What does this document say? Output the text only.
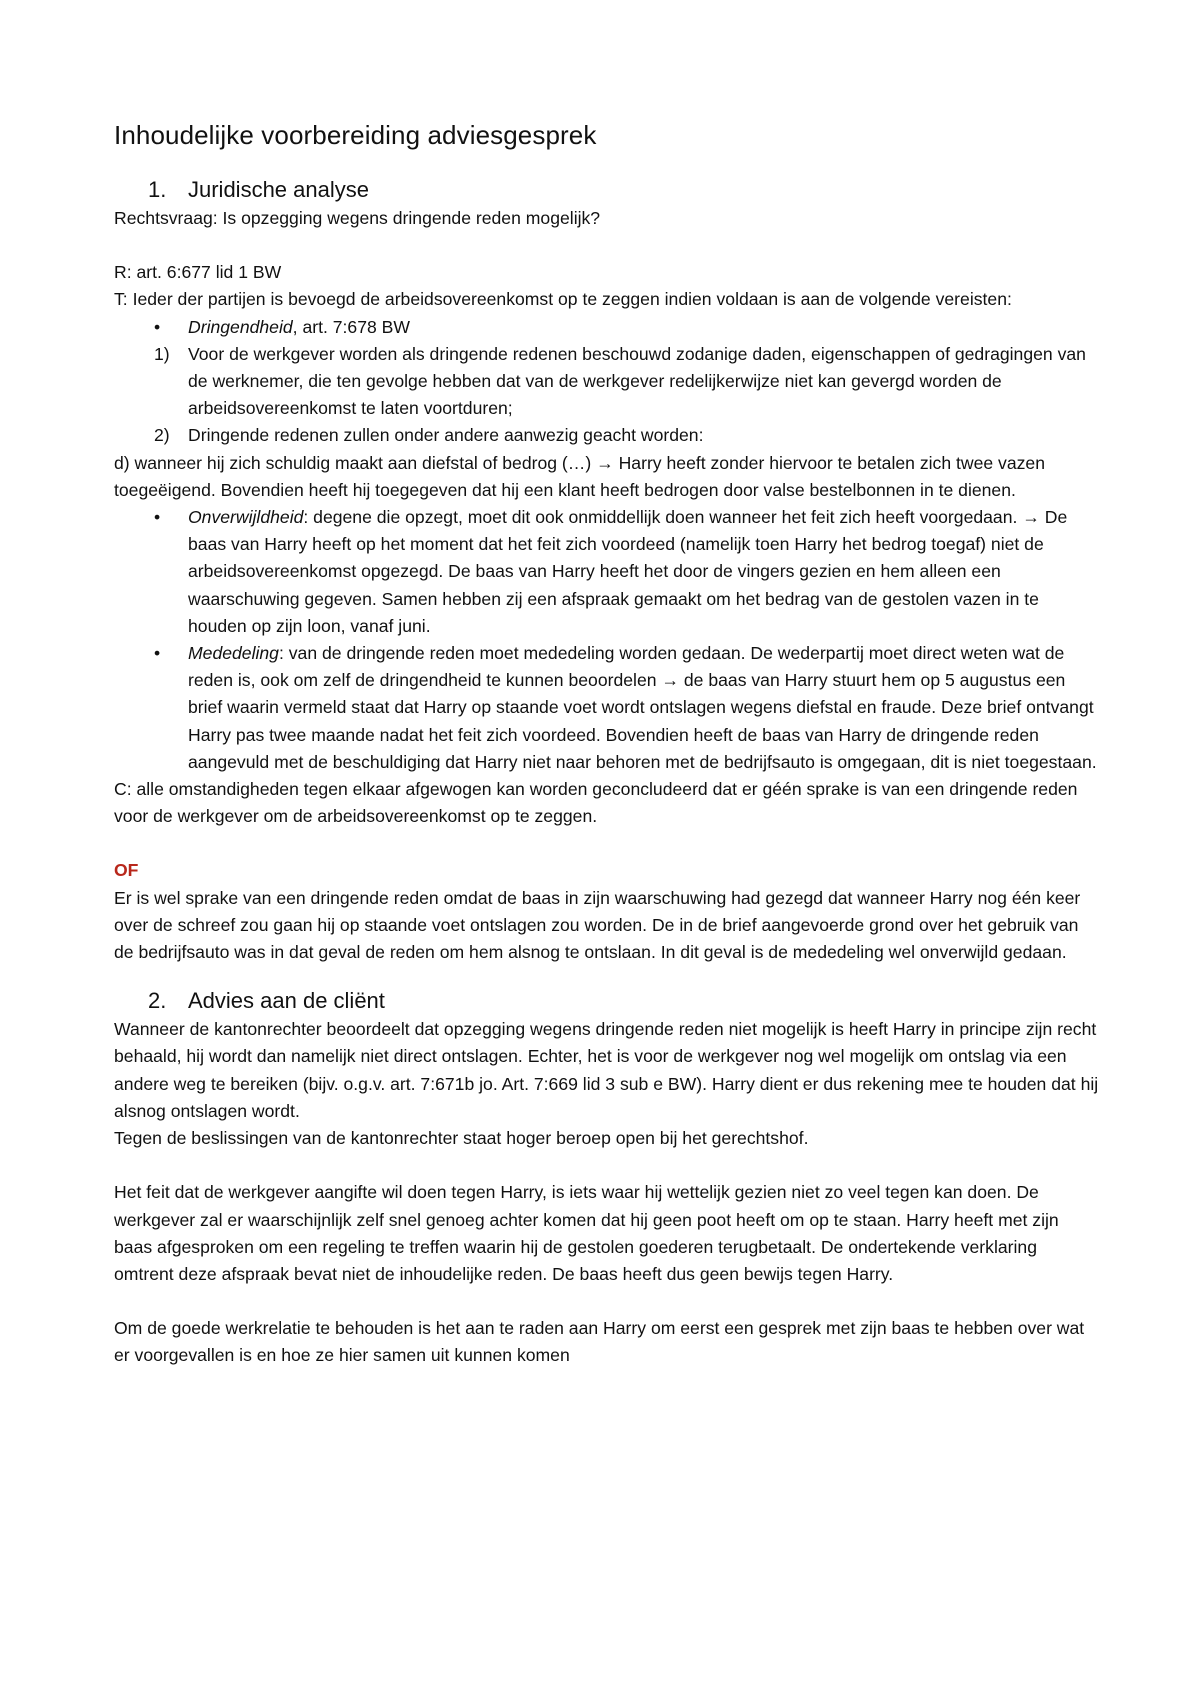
Inhoudelijke voorbereiding adviesgesprek
1. Juridische analyse

Rechtsvraag: Is opzegging wegens dringende reden mogelijk?

R: art. 6:677 lid 1 BW

T: Ieder der partijen is bevoegd de arbeidsovereenkomst op te zeggen indien voldaan is aan de volgende vereisten:

• Dringendheid, art. 7:678 BW
1) Voor de werkgever worden als dringende redenen beschouwd zodanige daden, eigenschappen of gedragingen van de werknemer, die ten gevolge hebben dat van de werkgever redelijkerwijze niet kan gevergd worden de arbeidsovereenkomst te laten voortduren;
2) Dringende redenen zullen onder andere aanwezig geacht worden:

d) wanneer hij zich schuldig maakt aan diefstal of bedrog (…) → Harry heeft zonder hiervoor te betalen zich twee vazen toegeëigend. Bovendien heeft hij toegegeven dat hij een klant heeft bedrogen door valse bestelbonnen in te dienen.

• Onverwijldheid: degene die opzegt, moet dit ook onmiddellijk doen wanneer het feit zich heeft voorgedaan. → De baas van Harry heeft op het moment dat het feit zich voordeed (namelijk toen Harry het bedrog toegaf) niet de arbeidsovereenkomst opgezegd. De baas van Harry heeft het door de vingers gezien en hem alleen een waarschuwing gegeven. Samen hebben zij een afspraak gemaakt om het bedrag van de gestolen vazen in te houden op zijn loon, vanaf juni.
• Mededeling: van de dringende reden moet mededeling worden gedaan. De wederpartij moet direct weten wat de reden is, ook om zelf de dringendheid te kunnen beoordelen → de baas van Harry stuurt hem op 5 augustus een brief waarin vermeld staat dat Harry op staande voet wordt ontslagen wegens diefstal en fraude. Deze brief ontvangt Harry pas twee maande nadat het feit zich voordeed. Bovendien heeft de baas van Harry de dringende reden aangevuld met de beschuldiging dat Harry niet naar behoren met de bedrijfsauto is omgegaan, dit is niet toegestaan.

C: alle omstandigheden tegen elkaar afgewogen kan worden geconcludeerd dat er géén sprake is van een dringende reden voor de werkgever om de arbeidsovereenkomst op te zeggen.

OF

Er is wel sprake van een dringende reden omdat de baas in zijn waarschuwing had gezegd dat wanneer Harry nog één keer over de schreef zou gaan hij op staande voet ontslagen zou worden. De in de brief aangevoerde grond over het gebruik van de bedrijfsauto was in dat geval de reden om hem alsnog te ontslaan. In dit geval is de mededeling wel onverwijld gedaan.

2. Advies aan de cliënt

Wanneer de kantonrechter beoordeelt dat opzegging wegens dringende reden niet mogelijk is heeft Harry in principe zijn recht behaald, hij wordt dan namelijk niet direct ontslagen. Echter, het is voor de werkgever nog wel mogelijk om ontslag via een andere weg te bereiken (bijv. o.g.v. art. 7:671b jo. Art. 7:669 lid 3 sub e BW). Harry dient er dus rekening mee te houden dat hij alsnog ontslagen wordt.

Tegen de beslissingen van de kantonrechter staat hoger beroep open bij het gerechtshof.

Het feit dat de werkgever aangifte wil doen tegen Harry, is iets waar hij wettelijk gezien niet zo veel tegen kan doen. De werkgever zal er waarschijnlijk zelf snel genoeg achter komen dat hij geen poot heeft om op te staan. Harry heeft met zijn baas afgesproken om een regeling te treffen waarin hij de gestolen goederen terugbetaalt. De ondertekende verklaring omtrent deze afspraak bevat niet de inhoudelijke reden. De baas heeft dus geen bewijs tegen Harry.

Om de goede werkrelatie te behouden is het aan te raden aan Harry om eerst een gesprek met zijn baas te hebben over wat er voorgevallen is en hoe ze hier samen uit kunnen komen
